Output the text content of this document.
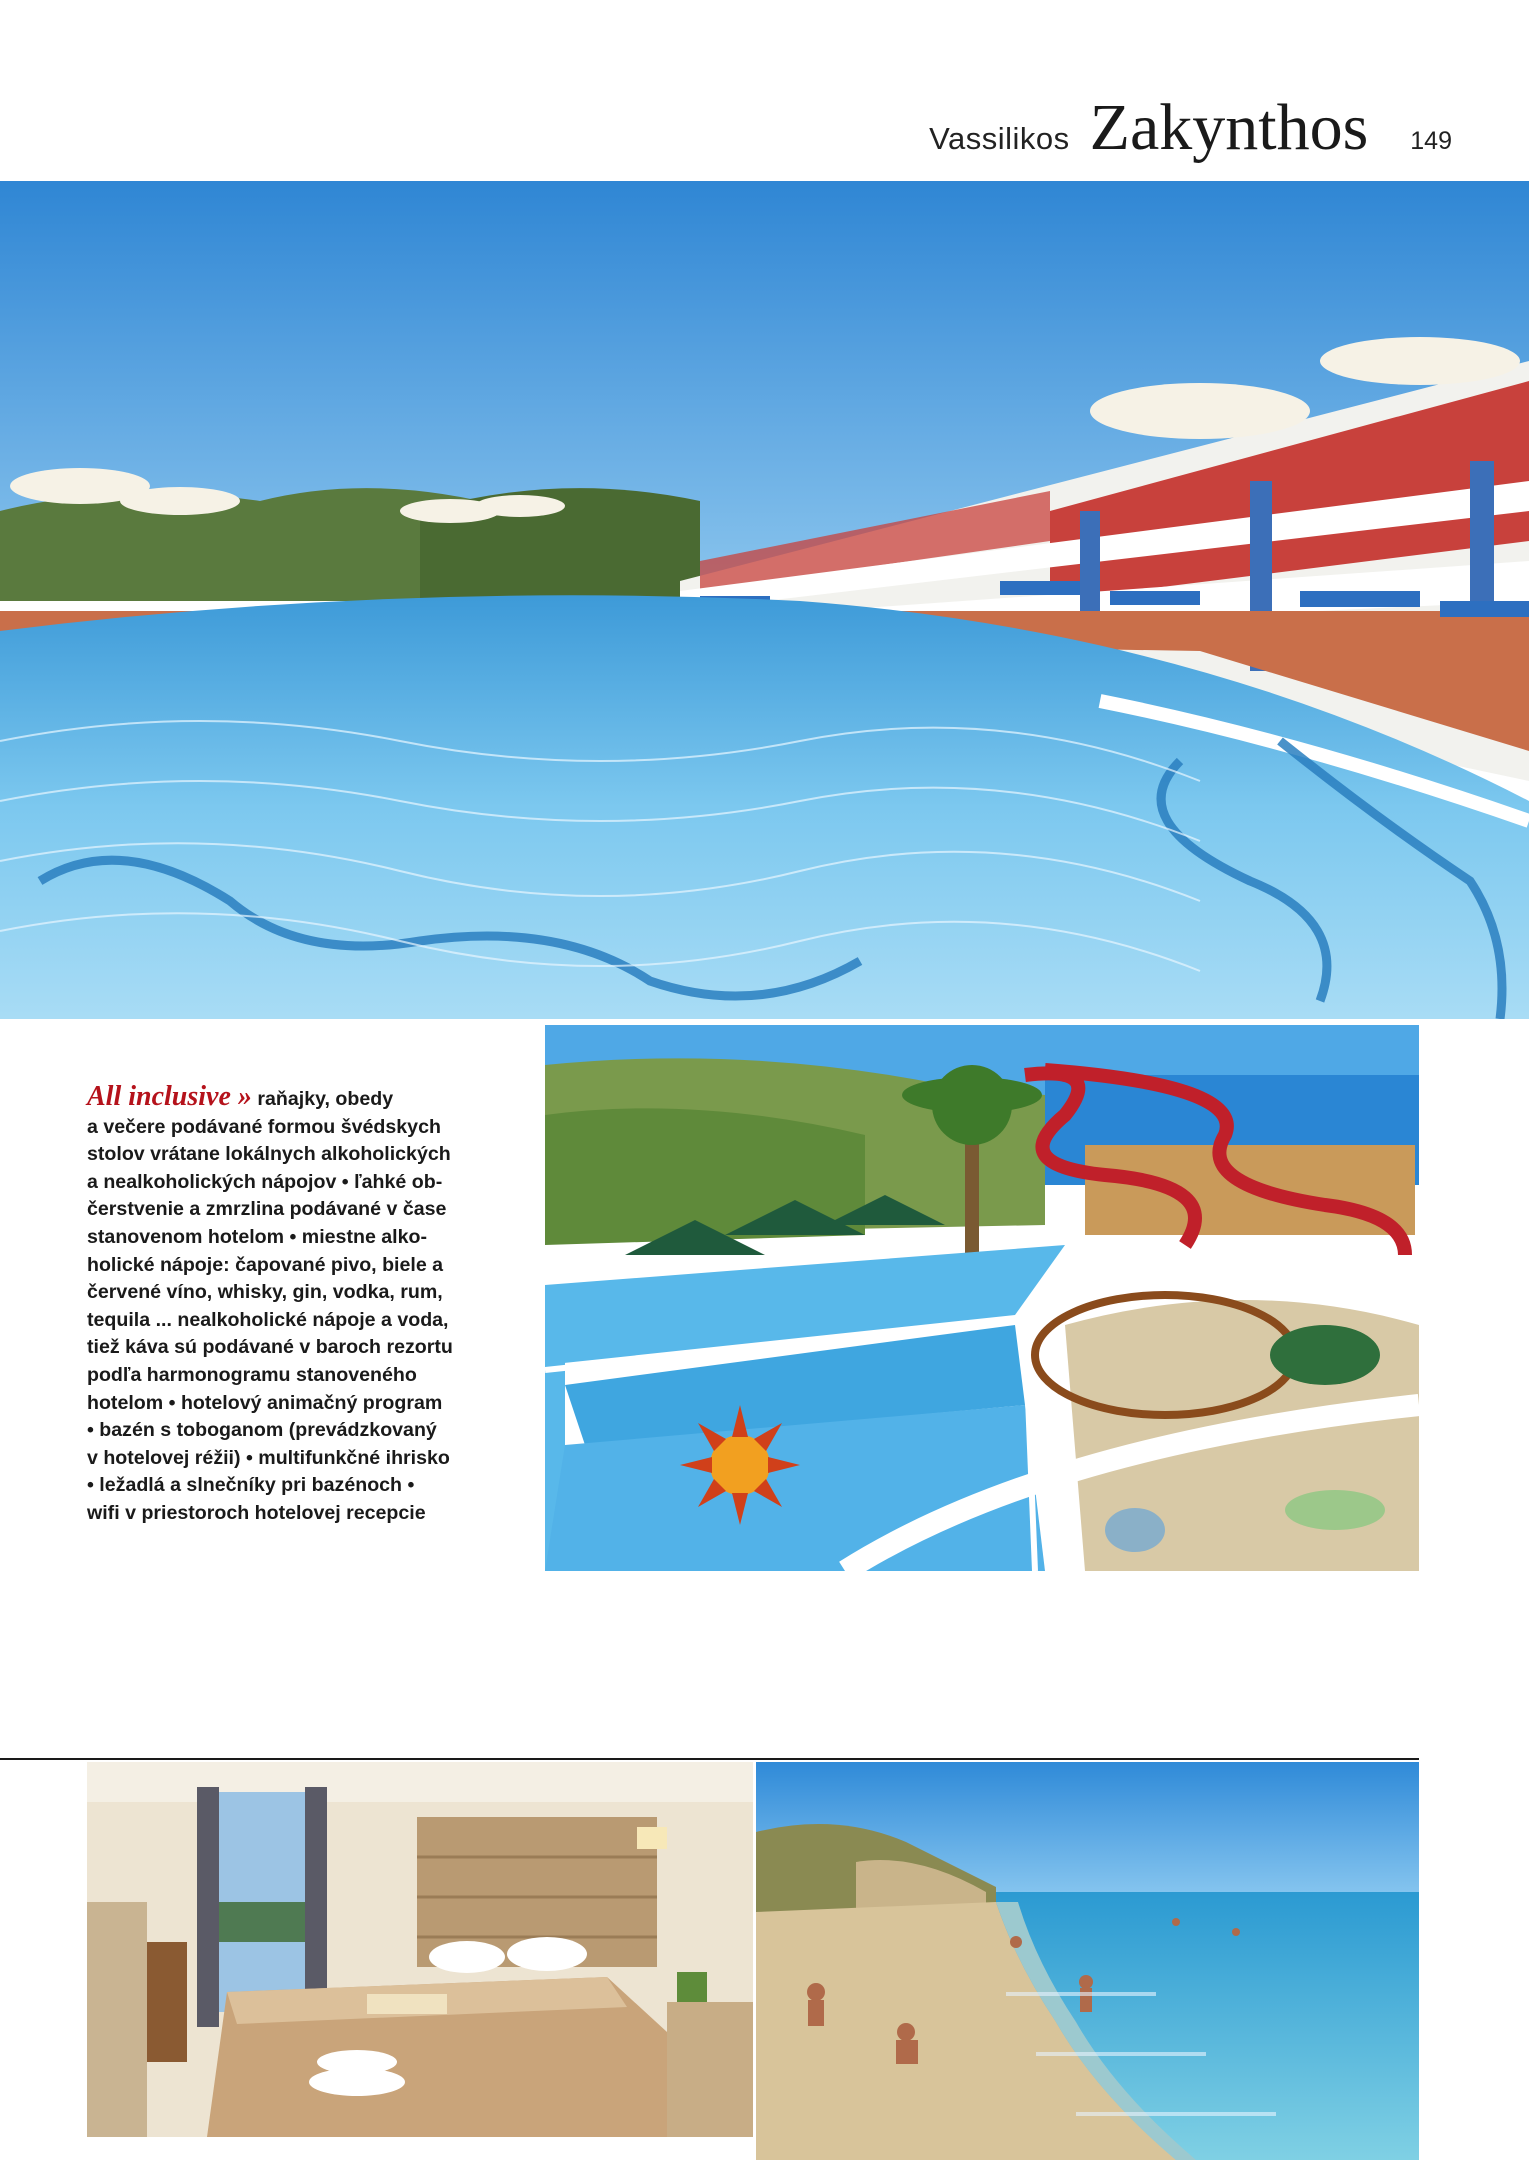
Vassilikos Zakynthos 149
All inclusive » raňajky, obedy
a večere podávané formou švédskych
stolov vrátane lokálnych alkoholických
a nealkoholických nápojov • ľahké ob-
čerstvenie a zmrzlina podávané v čase
stanovenom hotelom • miestne alko-
holické nápoje: čapované pivo, biele a
červené víno, whisky, gin, vodka, rum,
tequila ... nealkoholické nápoje a voda,
tiež káva sú podávané v baroch rezortu
podľa harmonogramu stanoveného
hotelom • hotelový animačný program
• bazén s toboganom (prevádzkovaný
v hotelovej réžii) • multifunkčné ihrisko
• ležadlá a slnečníky pri bazénoch •
wifi v priestoroch hotelovej recepcie
